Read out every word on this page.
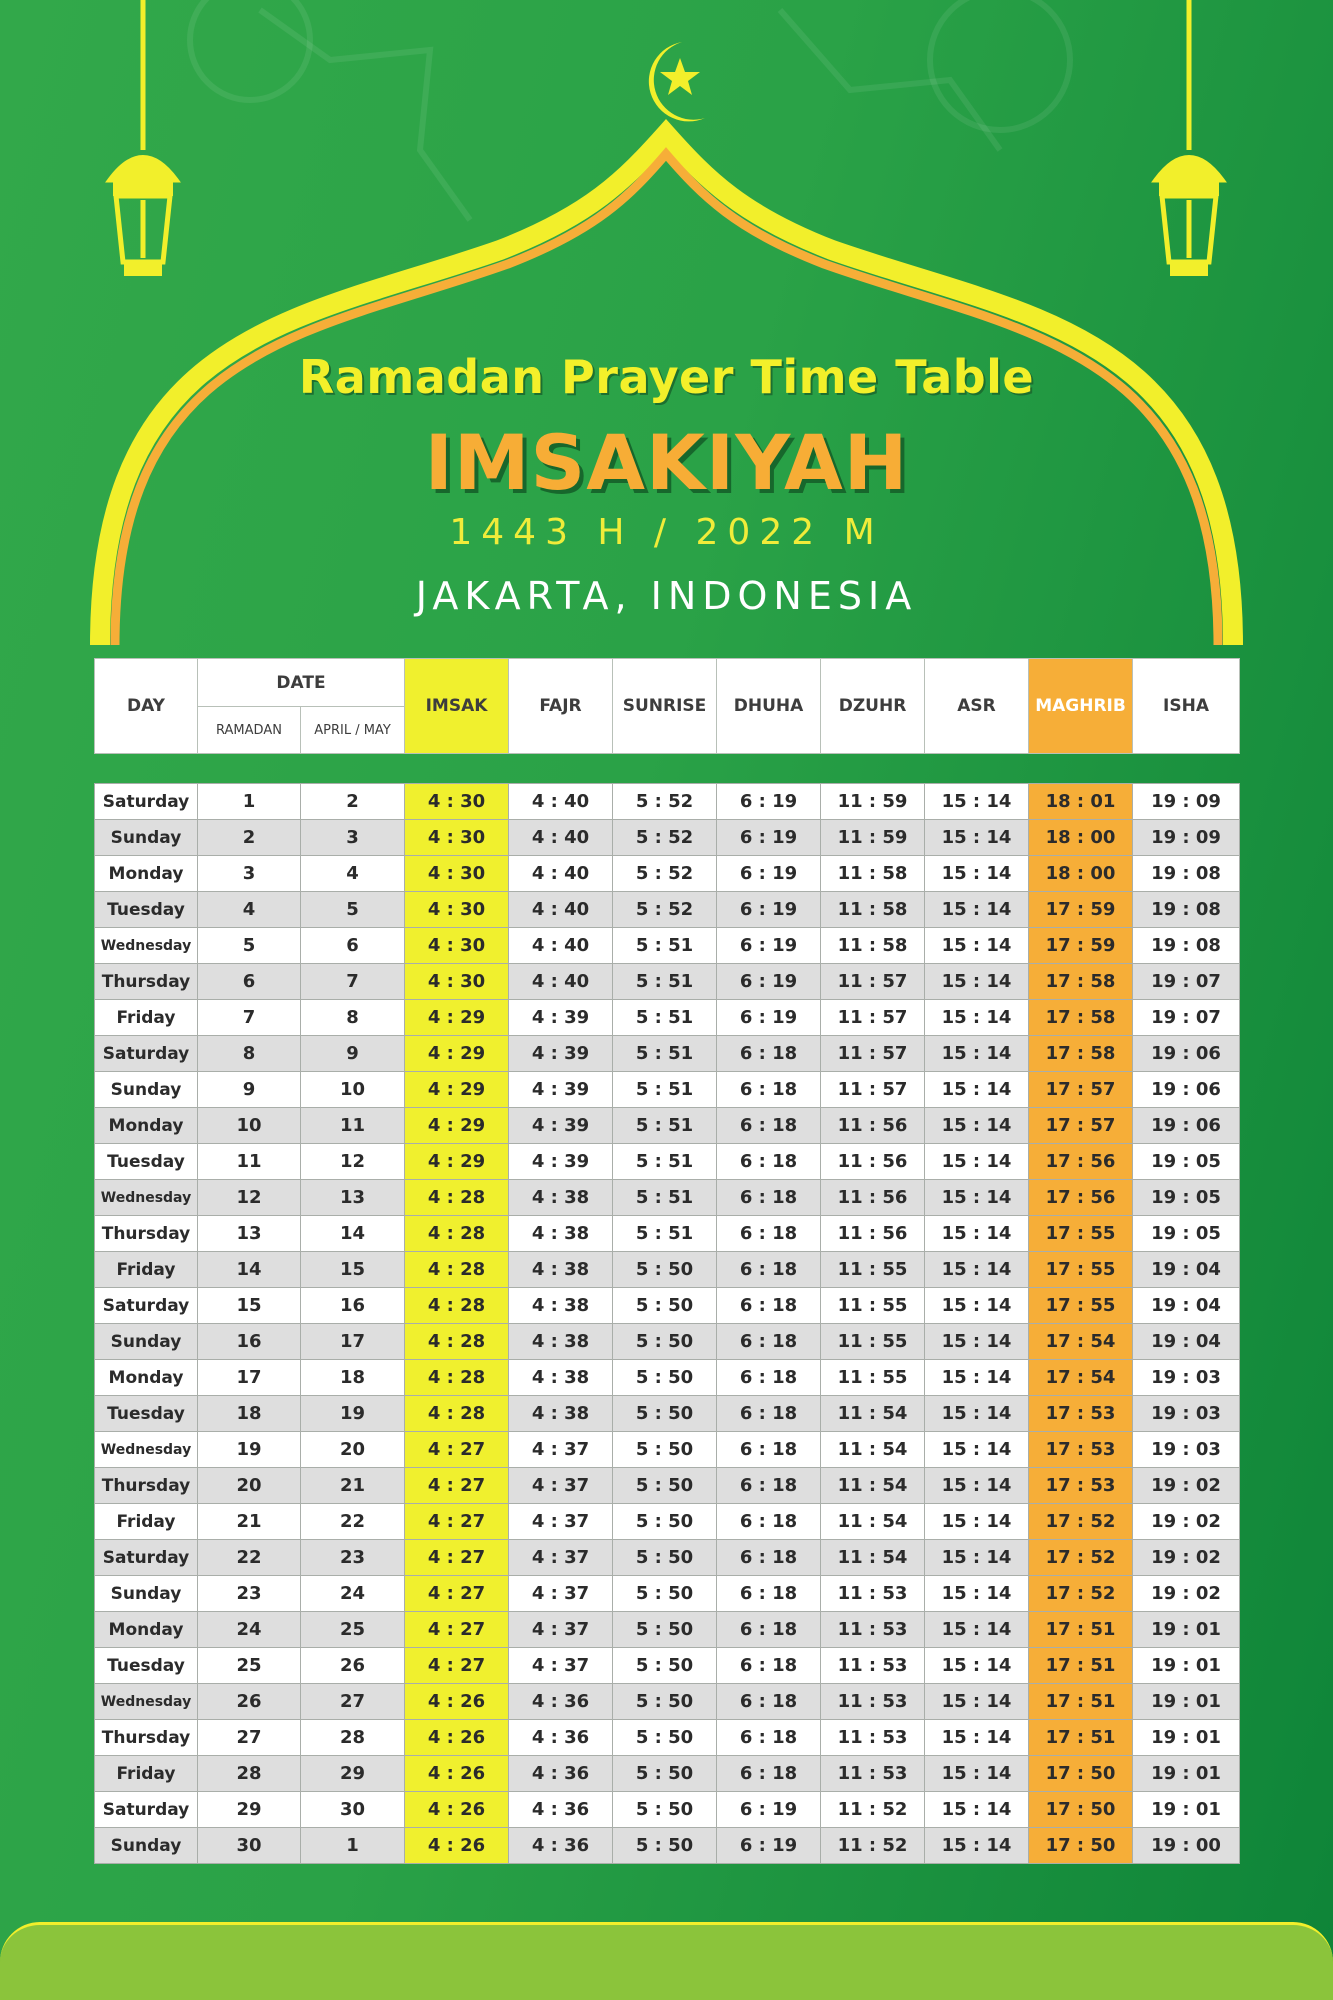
Ramadan Prayer Time Table
IMSAKIYAH
1443 H / 2022 M
JAKARTA, INDONESIA
DAY	DATE		IMSAK	FAJR	SUNRISE	DHUHA	DZUHR	ASR	MAGHRIB	ISHA
	RAMADAN	APRIL / MAY								
Saturday	1	2	4 : 30	4 : 40	5 : 52	6 : 19	11 : 59	15 : 14	18 : 01	19 : 09
Sunday	2	3	4 : 30	4 : 40	5 : 52	6 : 19	11 : 59	15 : 14	18 : 00	19 : 09
Monday	3	4	4 : 30	4 : 40	5 : 52	6 : 19	11 : 58	15 : 14	18 : 00	19 : 08
Tuesday	4	5	4 : 30	4 : 40	5 : 52	6 : 19	11 : 58	15 : 14	17 : 59	19 : 08
Wednesday	5	6	4 : 30	4 : 40	5 : 51	6 : 19	11 : 58	15 : 14	17 : 59	19 : 08
Thursday	6	7	4 : 30	4 : 40	5 : 51	6 : 19	11 : 57	15 : 14	17 : 58	19 : 07
Friday	7	8	4 : 29	4 : 39	5 : 51	6 : 19	11 : 57	15 : 14	17 : 58	19 : 07
Saturday	8	9	4 : 29	4 : 39	5 : 51	6 : 18	11 : 57	15 : 14	17 : 58	19 : 06
Sunday	9	10	4 : 29	4 : 39	5 : 51	6 : 18	11 : 57	15 : 14	17 : 57	19 : 06
Monday	10	11	4 : 29	4 : 39	5 : 51	6 : 18	11 : 56	15 : 14	17 : 57	19 : 06
Tuesday	11	12	4 : 29	4 : 39	5 : 51	6 : 18	11 : 56	15 : 14	17 : 56	19 : 05
Wednesday	12	13	4 : 28	4 : 38	5 : 51	6 : 18	11 : 56	15 : 14	17 : 56	19 : 05
Thursday	13	14	4 : 28	4 : 38	5 : 51	6 : 18	11 : 56	15 : 14	17 : 55	19 : 05
Friday	14	15	4 : 28	4 : 38	5 : 50	6 : 18	11 : 55	15 : 14	17 : 55	19 : 04
Saturday	15	16	4 : 28	4 : 38	5 : 50	6 : 18	11 : 55	15 : 14	17 : 55	19 : 04
Sunday	16	17	4 : 28	4 : 38	5 : 50	6 : 18	11 : 55	15 : 14	17 : 54	19 : 04
Monday	17	18	4 : 28	4 : 38	5 : 50	6 : 18	11 : 55	15 : 14	17 : 54	19 : 03
Tuesday	18	19	4 : 28	4 : 38	5 : 50	6 : 18	11 : 54	15 : 14	17 : 53	19 : 03
Wednesday	19	20	4 : 27	4 : 37	5 : 50	6 : 18	11 : 54	15 : 14	17 : 53	19 : 03
Thursday	20	21	4 : 27	4 : 37	5 : 50	6 : 18	11 : 54	15 : 14	17 : 53	19 : 02
Friday	21	22	4 : 27	4 : 37	5 : 50	6 : 18	11 : 54	15 : 14	17 : 52	19 : 02
Saturday	22	23	4 : 27	4 : 37	5 : 50	6 : 18	11 : 54	15 : 14	17 : 52	19 : 02
Sunday	23	24	4 : 27	4 : 37	5 : 50	6 : 18	11 : 53	15 : 14	17 : 52	19 : 02
Monday	24	25	4 : 27	4 : 37	5 : 50	6 : 18	11 : 53	15 : 14	17 : 51	19 : 01
Tuesday	25	26	4 : 27	4 : 37	5 : 50	6 : 18	11 : 53	15 : 14	17 : 51	19 : 01
Wednesday	26	27	4 : 26	4 : 36	5 : 50	6 : 18	11 : 53	15 : 14	17 : 51	19 : 01
Thursday	27	28	4 : 26	4 : 36	5 : 50	6 : 18	11 : 53	15 : 14	17 : 51	19 : 01
Friday	28	29	4 : 26	4 : 36	5 : 50	6 : 18	11 : 53	15 : 14	17 : 50	19 : 01
Saturday	29	30	4 : 26	4 : 36	5 : 50	6 : 19	11 : 52	15 : 14	17 : 50	19 : 01
Sunday	30	1	4 : 26	4 : 36	5 : 50	6 : 19	11 : 52	15 : 14	17 : 50	19 : 00
